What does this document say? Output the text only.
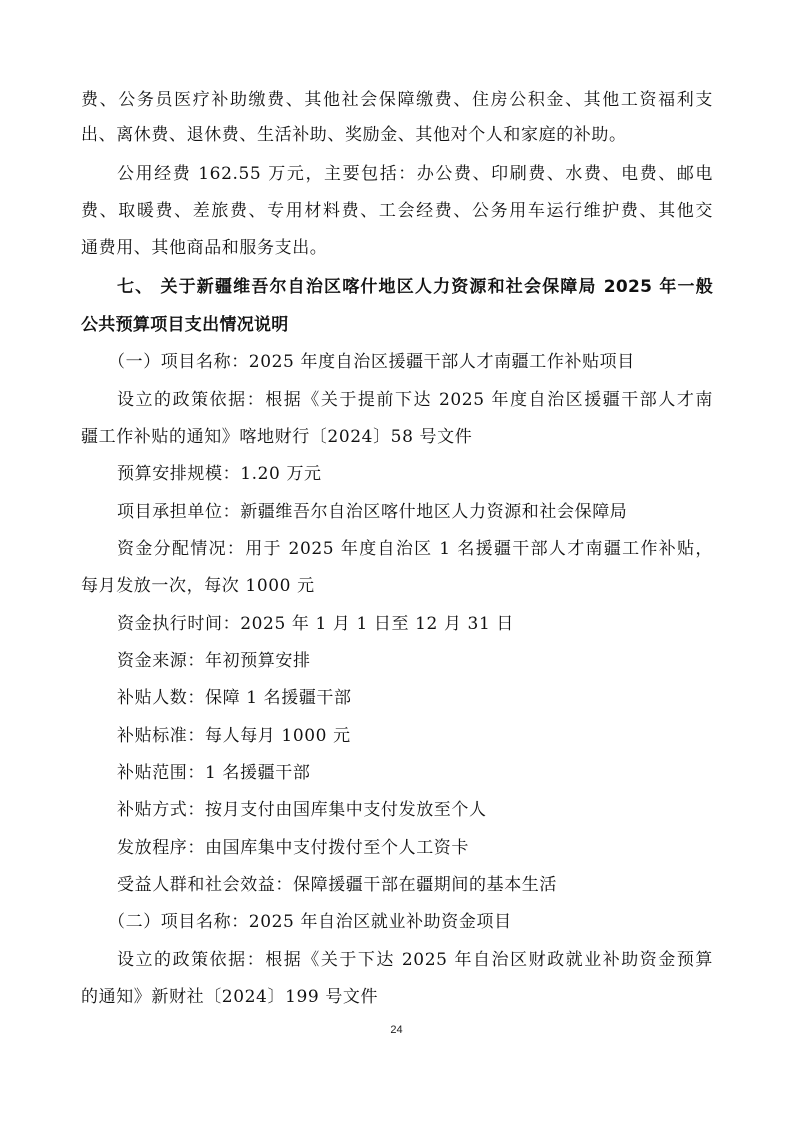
费、公务员医疗补助缴费、其他社会保障缴费、住房公积金、其他工资福利支
出、离休费、退休费、生活补助、奖励金、其他对个人和家庭的补助。
公用经费 162.55 万元，主要包括：办公费、印刷费、水费、电费、邮电
费、取暖费、差旅费、专用材料费、工会经费、公务用车运行维护费、其他交
通费用、其他商品和服务支出。
七、 关于新疆维吾尔自治区喀什地区人力资源和社会保障局 2025 年一般
公共预算项目支出情况说明
（一）项目名称：2025 年度自治区援疆干部人才南疆工作补贴项目
设立的政策依据：根据《关于提前下达 2025 年度自治区援疆干部人才南
疆工作补贴的通知》喀地财行〔2024〕58 号文件
预算安排规模：1.20 万元
项目承担单位：新疆维吾尔自治区喀什地区人力资源和社会保障局
资金分配情况：用于 2025 年度自治区 1 名援疆干部人才南疆工作补贴，
每月发放一次，每次 1000 元
资金执行时间：2025 年 1 月 1 日至 12 月 31 日
资金来源：年初预算安排
补贴人数：保障 1 名援疆干部
补贴标准：每人每月 1000 元
补贴范围：1 名援疆干部
补贴方式：按月支付由国库集中支付发放至个人
发放程序：由国库集中支付拨付至个人工资卡
受益人群和社会效益：保障援疆干部在疆期间的基本生活
（二）项目名称：2025 年自治区就业补助资金项目
设立的政策依据：根据《关于下达 2025 年自治区财政就业补助资金预算
的通知》新财社〔2024〕199 号文件
24
